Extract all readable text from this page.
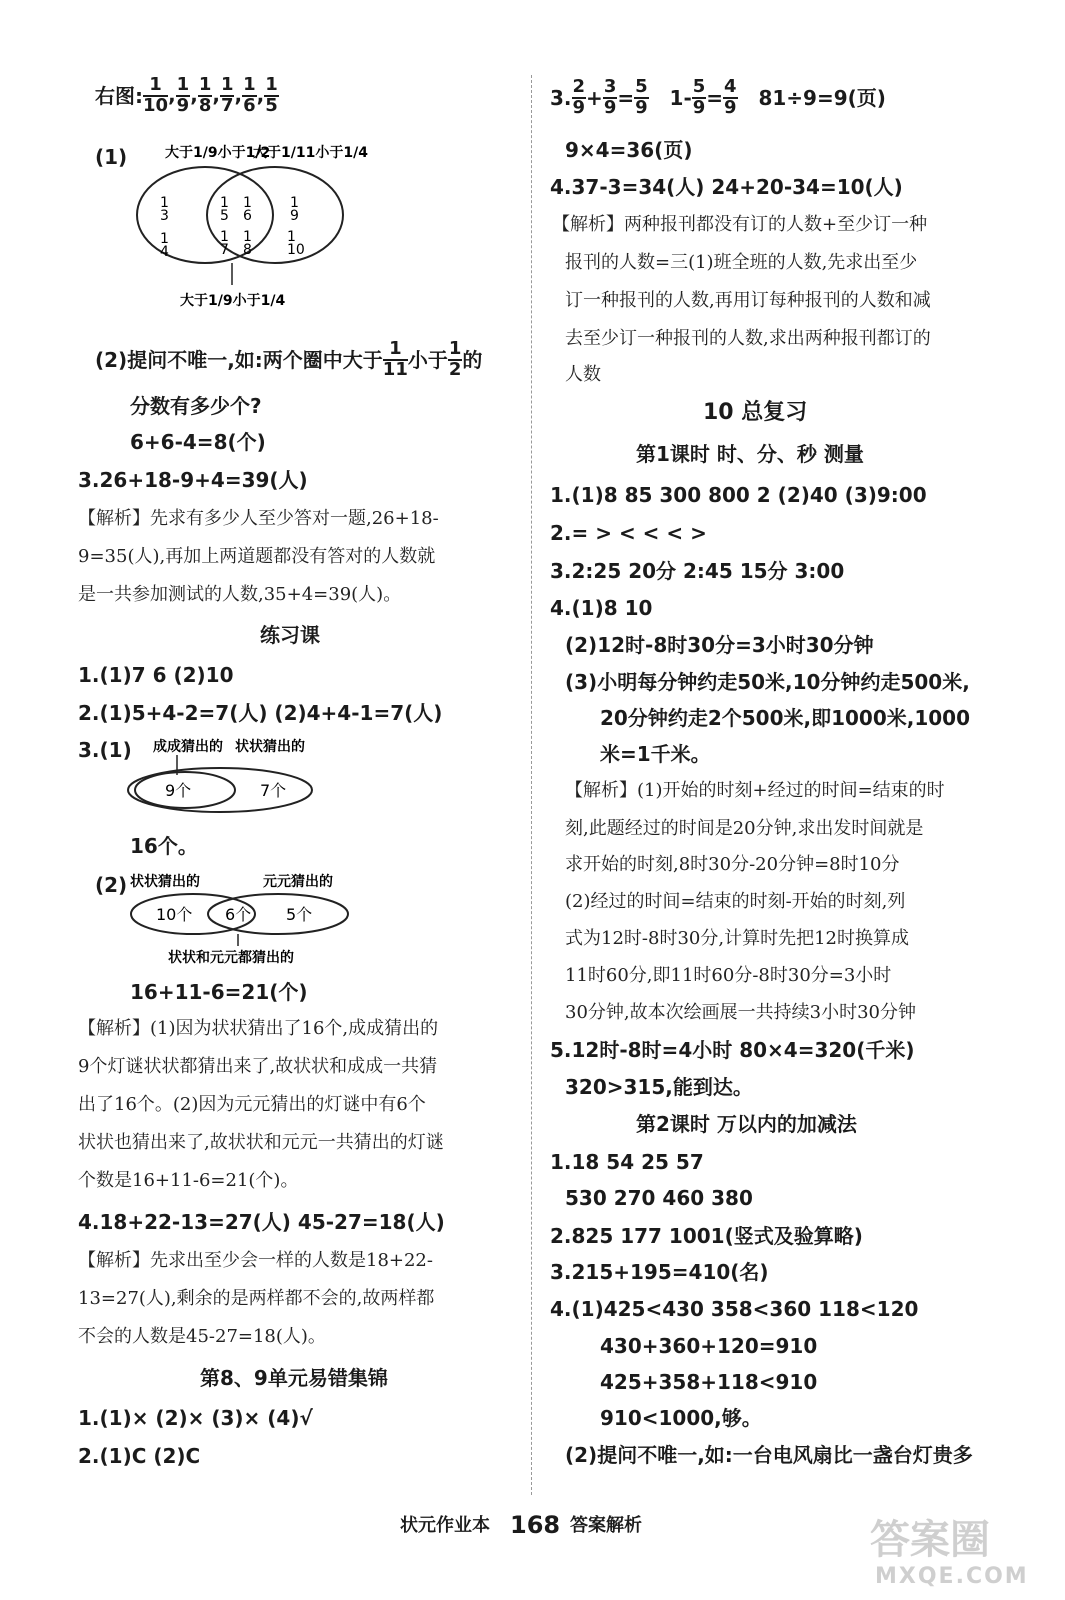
右图: $\frac{1}{10}$ , $\frac{1}{9}$ , $\frac{1}{8}$ , $\frac{1}{7}$ , $\frac{1}{6}$ , $\frac{1}{5}$
(1)	大于1/9小于1/2
大于1/11小于1/4
1
3
1
4
1
5
1
6
1
7
1
8
1
9
1
10
大于1/9小于1/4
(2)提问不唯一,如:两个圈中大于 $\frac{1}{11}$ 小于 $\frac{1}{2}$ 的
分数有多少个?
6+6-4=8(个)
3.26+18-9+4=39(人)
【解析】先求有多少人至少答对一题,26+18-
9=35(人),再加上两道题都没有答对的人数就
是一共参加测试的人数,35+4=39(人)。
练习课
1.(1)7 6 (2)10
2.(1)5+4-2=7(人) (2)4+4-1=7(人)
3.(1) 成成猜出的 状状猜出的
9个	7个
16个。
(2) 状状猜出的	元元猜出的
10个 6个 5个
状状和元元都猜出的
16+11-6=21(个)
【解析】(1)因为状状猜出了16个,成成猜出的
9个灯谜状状都猜出来了,故状状和成成一共猜
出了16个。(2)因为元元猜出的灯谜中有6个
状状也猜出来了,故状状和元元一共猜出的灯谜
个数是16+11-6=21(个)。
4.18+22-13=27(人) 45-27=18(人)
【解析】先求出至少会一样的人数是18+22-
13=27(人),剩余的是两样都不会的,故两样都
不会的人数是45-27=18(人)。
第8、9单元易错集锦
1.(1)× (2)× (3)× (4)√
2.(1)C (2)C
3. $\frac{2}{9} + \frac{3}{9} = \frac{5}{9} 1- \frac{5}{9} = \frac{4}{9} 81\div 9=9$(页)
9×4=36(页)
4.37-3=34(人) 24+20-34=10(人)
【解析】两种报刊都没有订的人数+至少订一种
报刊的人数=三(1)班全班的人数,先求出至少
订一种报刊的人数,再用订每种报刊的人数和减
去至少订一种报刊的人数,求出两种报刊都订的
人数
10 总复习
第1课时 时、分、秒 测量
1.(1)8 85 300 800 2 (2)40 (3)9:00
2.= > < < < >
3.2:25 20分 2:45 15分 3:00
4.(1)8 10
(2)12时-8时30分=3小时30分钟
(3)小明每分钟约走50米,10分钟约走500米,
20分钟约走2个500米,即1000米,1000
米=1千米。
【解析】(1)开始的时刻+经过的时间=结束的时
刻,此题经过的时间是20分钟,求出发时间就是
求开始的时刻,8时30分-20分钟=8时10分
(2)经过的时间=结束的时刻-开始的时刻,列
式为12时-8时30分,计算时先把12时换算成
11时60分,即11时60分-8时30分=3小时
30分钟,故本次绘画展一共持续3小时30分钟
5.12时-8时=4小时 80×4=320(千米)
320>315,能到达。
第2课时 万以内的加减法
1.18 54 25 57
530 270 460 380
2.825 177 1001(竖式及验算略)
3.215+195=410(名)
4.(1)425<430 358<360 118<120
430+360+120=910
425+358+118<910
910<1000,够。
(2)提问不唯一,如:一台电风扇比一盏台灯贵多
状元作业本 168 答案解析	答案圈
MXQE.COM
